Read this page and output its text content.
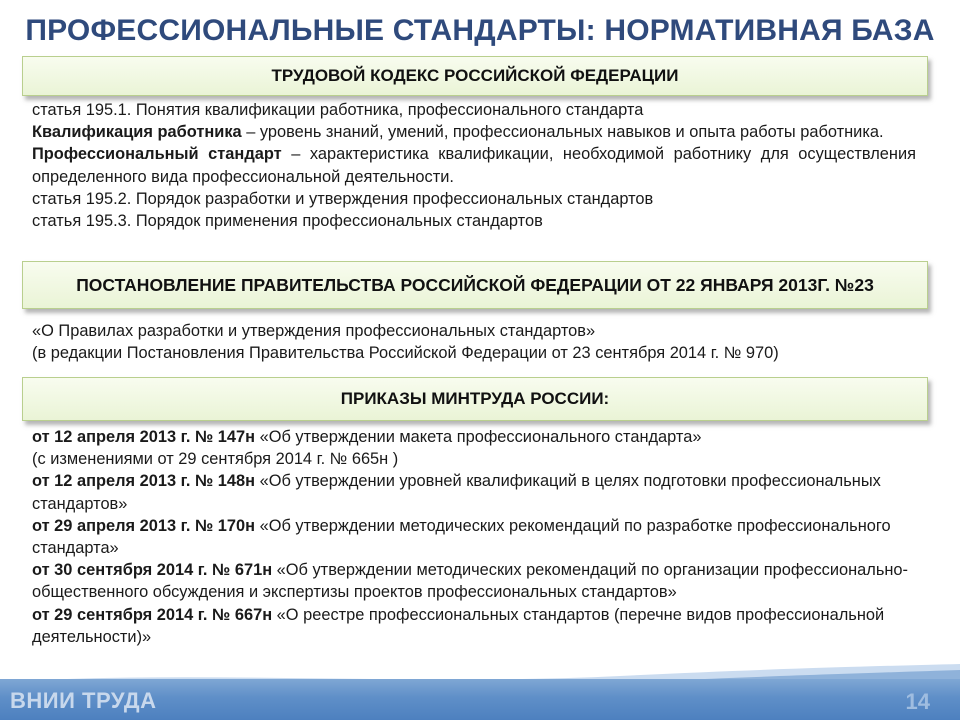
ПРОФЕССИОНАЛЬНЫЕ СТАНДАРТЫ: НОРМАТИВНАЯ БАЗА
ТРУДОВОЙ КОДЕКС РОССИЙСКОЙ ФЕДЕРАЦИИ

статья 195.1. Понятия квалификации работника, профессионального стандарта

Квалификация работника – уровень знаний, умений, профессиональных навыков и опыта работы работника.

Профессиональный стандарт – характеристика квалификации, необходимой работнику для осуществления определенного вида профессиональной деятельности.

статья 195.2. Порядок разработки и утверждения профессиональных стандартов

статья 195.3. Порядок применения профессиональных стандартов

ПОСТАНОВЛЕНИЕ ПРАВИТЕЛЬСТВА РОССИЙСКОЙ ФЕДЕРАЦИИ ОТ 22 ЯНВАРЯ 2013Г. №23

«О Правилах разработки и утверждения профессиональных стандартов»

(в редакции Постановления Правительства Российской Федерации от 23 сентября 2014 г. № 970)

ПРИКАЗЫ МИНТРУДА РОССИИ:

от 12 апреля 2013 г. № 147н «Об утверждении макета профессионального стандарта»

(с изменениями от 29 сентября 2014 г. № 665н )

от 12 апреля 2013 г. № 148н «Об утверждении уровней квалификаций в целях подготовки профессиональных стандартов»

от 29 апреля 2013 г. № 170н «Об утверждении методических рекомендаций по разработке профессионального стандарта»

от 30 сентября 2014 г. № 671н «Об утверждении методических рекомендаций по организации профессионально-общественного обсуждения и экспертизы проектов профессиональных стандартов»

от 29 сентября 2014 г. № 667н «О реестре профессиональных стандартов (перечне видов профессиональной деятельности)»

ВНИИ ТРУДА	14
